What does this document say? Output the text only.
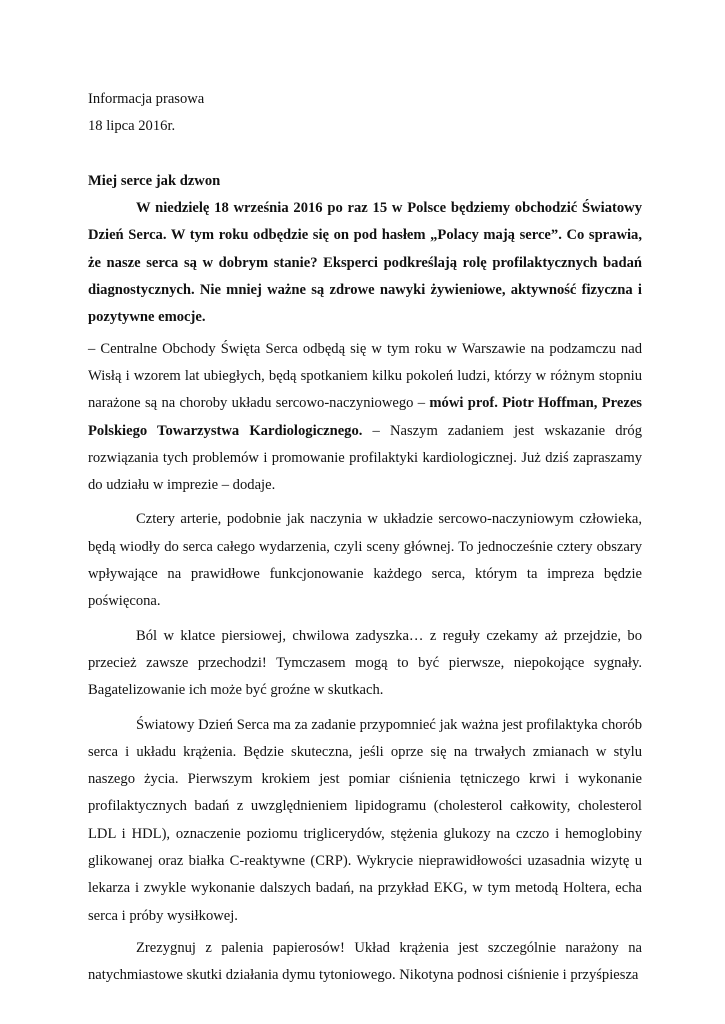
Informacja prasowa

18 lipca 2016r.

Miej serce jak dzwon

W niedzielę 18 września 2016 po raz 15 w Polsce będziemy obchodzić Światowy Dzień Serca. W tym roku odbędzie się on pod hasłem „Polacy mają serce”. Co sprawia, że nasze serca są w dobrym stanie? Eksperci podkreślają rolę profilaktycznych badań diagnostycznych. Nie mniej ważne są zdrowe nawyki żywieniowe, aktywność fizyczna i pozytywne emocje.

– Centralne Obchody Święta Serca odbędą się w tym roku w Warszawie na podzamczu nad Wisłą i wzorem lat ubiegłych, będą spotkaniem kilku pokoleń ludzi, którzy w różnym stopniu narażone są na choroby układu sercowo-naczyniowego – mówi prof. Piotr Hoffman, Prezes Polskiego Towarzystwa Kardiologicznego. – Naszym zadaniem jest wskazanie dróg rozwiązania tych problemów i promowanie profilaktyki kardiologicznej. Już dziś zapraszamy do udziału w imprezie – dodaje.

Cztery arterie, podobnie jak naczynia w układzie sercowo-naczyniowym człowieka, będą wiodły do serca całego wydarzenia, czyli sceny głównej. To jednocześnie cztery obszary wpływające na prawidłowe funkcjonowanie każdego serca, którym ta impreza będzie poświęcona.

Ból w klatce piersiowej, chwilowa zadyszka… z reguły czekamy aż przejdzie, bo przecież zawsze przechodzi! Tymczasem mogą to być pierwsze, niepokojące sygnały. Bagatelizowanie ich może być groźne w skutkach.

Światowy Dzień Serca ma za zadanie przypomnieć jak ważna jest profilaktyka chorób serca i układu krążenia. Będzie skuteczna, jeśli oprze się na trwałych zmianach w stylu naszego życia. Pierwszym krokiem jest pomiar ciśnienia tętniczego krwi i wykonanie profilaktycznych badań z uwzględnieniem lipidogramu (cholesterol całkowity, cholesterol LDL i HDL), oznaczenie poziomu triglicerydów, stężenia glukozy na czczo i hemoglobiny glikowanej oraz białka C-reaktywne (CRP). Wykrycie nieprawidłowości uzasadnia wizytę u lekarza i zwykle wykonanie dalszych badań, na przykład EKG, w tym metodą Holtera, echa serca i próby wysiłkowej.

Zrezygnuj z palenia papierosów! Układ krążenia jest szczególnie narażony na natychmiastowe skutki działania dymu tytoniowego. Nikotyna podnosi ciśnienie i przyśpiesza
